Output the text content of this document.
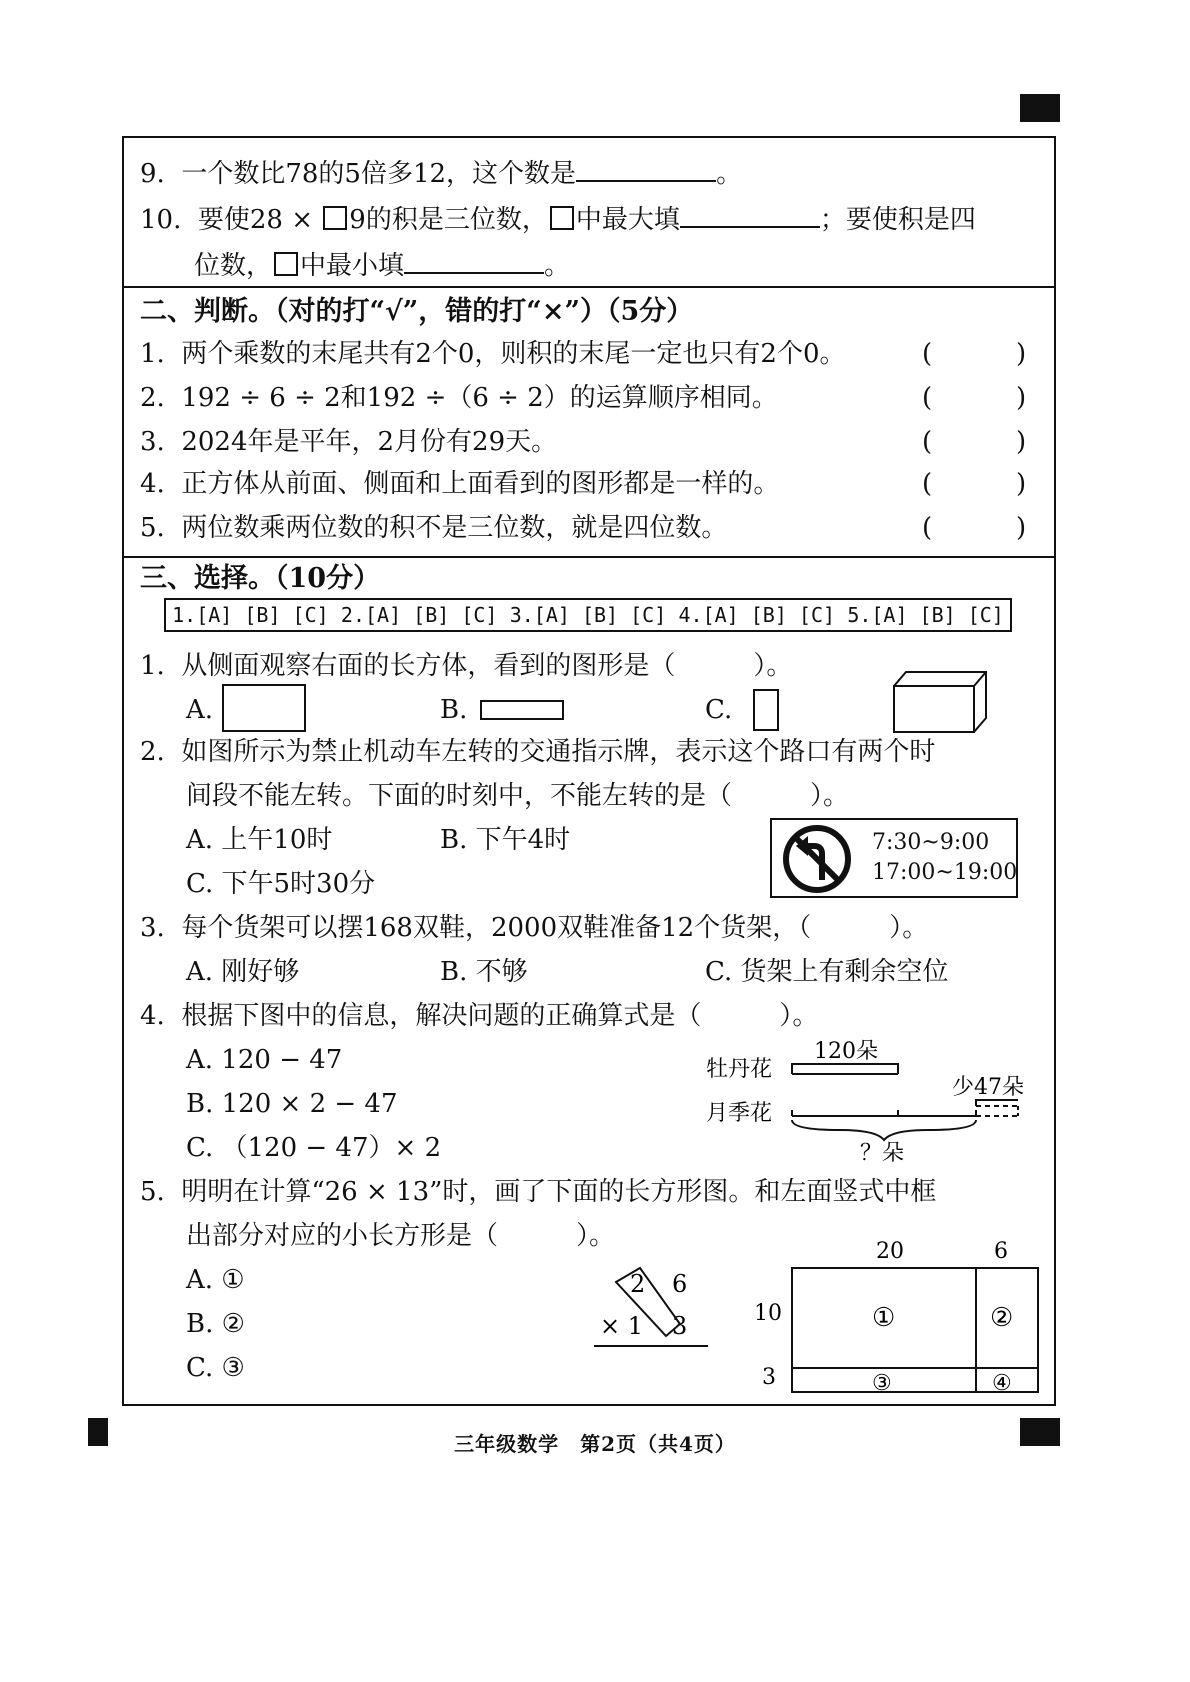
9. 一个数比78的5倍多12，这个数是	。
10. 要使28 × 9的积是三位数， 中最大填	；要使积是四
位数， 中最小填	。
二、判断。（对的打“√”，错的打“×”）（5分）
1. 两个乘数的末尾共有2个0，则积的末尾一定也只有2个0。	(	)
2. 192 ÷ 6 ÷ 2和192 ÷（6 ÷ 2）的运算顺序相同。	(	)
3. 2024年是平年，2月份有29天。	(	)
4. 正方体从前面、侧面和上面看到的图形都是一样的。	(	)
5. 两位数乘两位数的积不是三位数，就是四位数。	(	)
三、选择。（10分）
1.[A] [B] [C] 2.[A] [B] [C] 3.[A] [B] [C] 4.[A] [B] [C] 5.[A] [B] [C]
1. 从侧面观察右面的长方体，看到的图形是（　　　）。
A.	B.	C.
2. 如图所示为禁止机动车左转的交通指示牌，表示这个路口有两个时
间段不能左转。下面的时刻中，不能左转的是（　　　）。
A. 上午10时	B. 下午4时
C. 下午5时30分
7:30~9:00
17:00~19:00
3. 每个货架可以摆168双鞋，2000双鞋准备12个货架，（　　　）。
A. 刚好够	B. 不够	C. 货架上有剩余空位
4. 根据下图中的信息，解决问题的正确算式是（　　　）。
A. 120 − 47
B. 120 × 2 − 47
C. （120 − 47）× 2
牡丹花
月季花
120朵
少47朵
？朵
5. 明明在计算“26 × 13”时，画了下面的长方形图。和左面竖式中框
出部分对应的小长方形是（　　　）。
A. ①
B. ②
C. ③
2 6
× 1 3
20	6
10
3
①	②
③	④
三年级数学　第2页（共4页）
